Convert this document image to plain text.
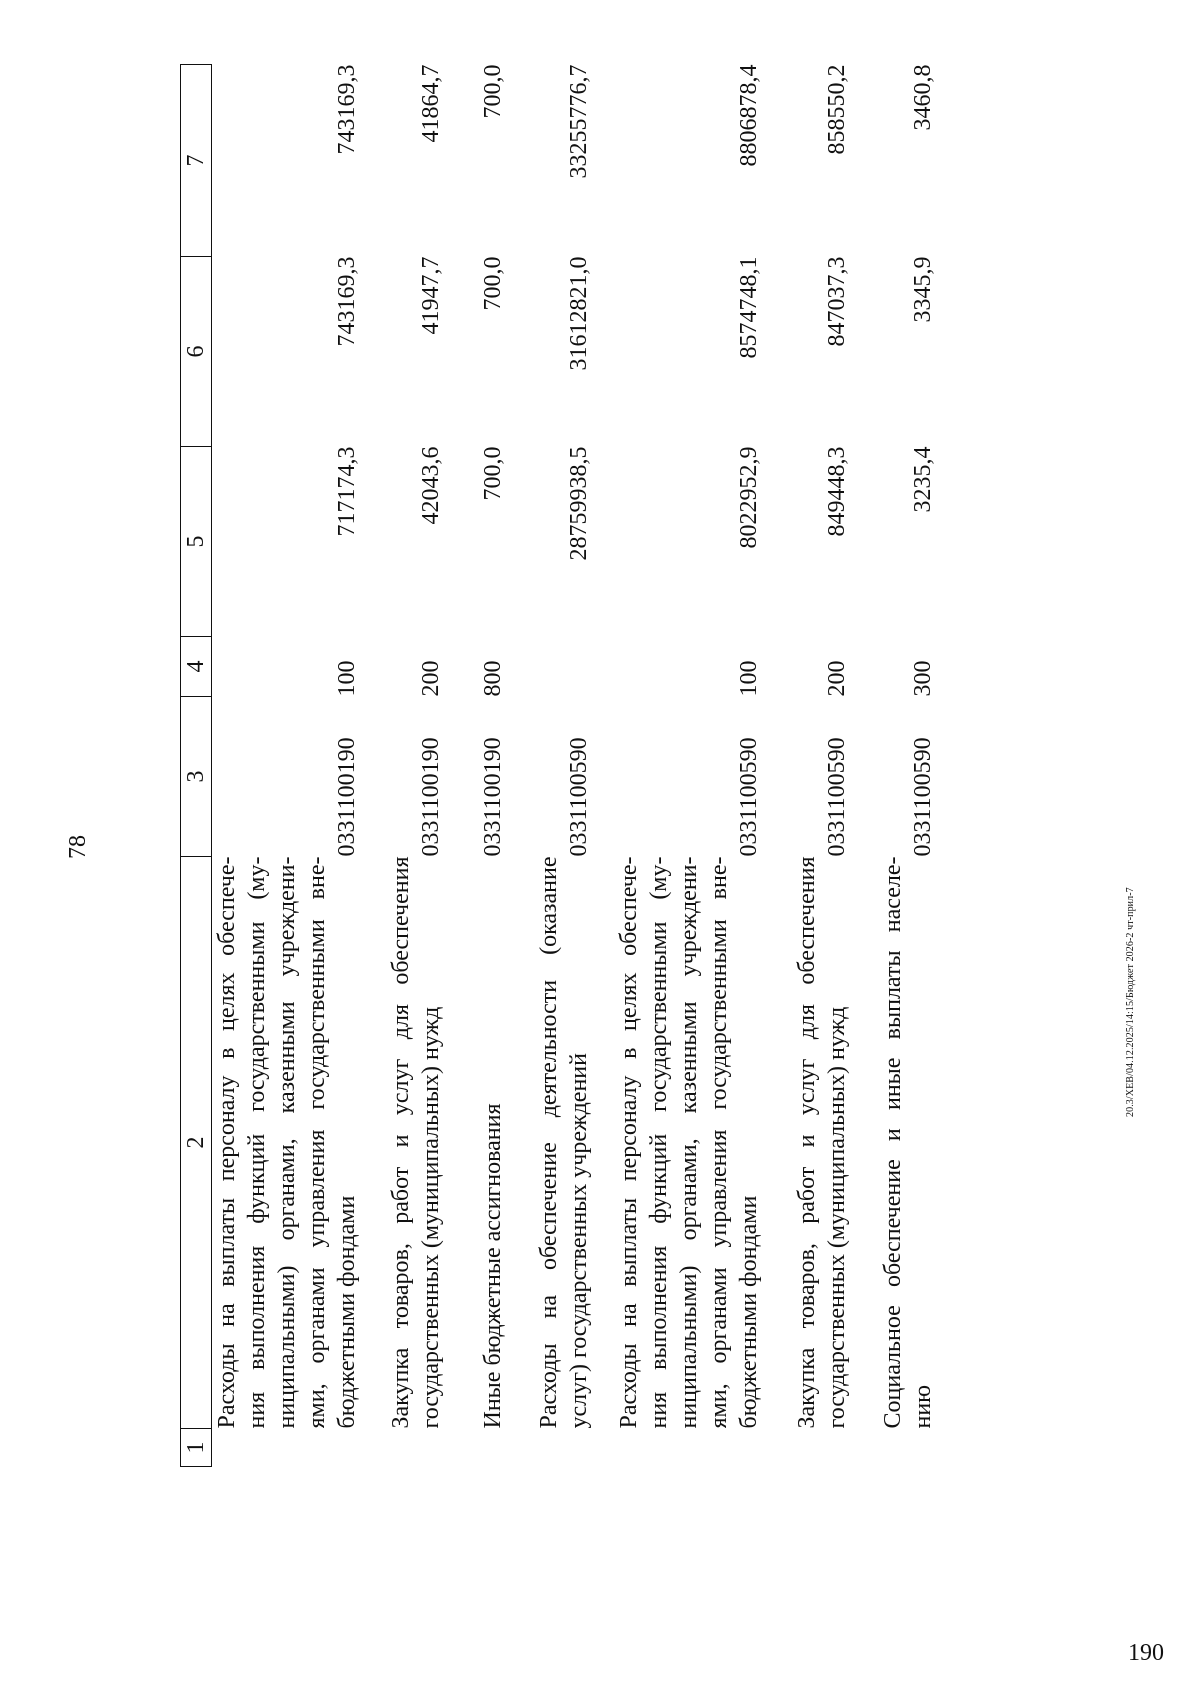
78
1	2	3	4	5	6	7

	Расходы на выплаты персоналу в целях обеспече- ния выполнения функций государственными (му- ниципальными) органами, казенными учреждени- ями, органами управления государственными вне- бюджетными фондами	0331100190	100	717174,3	743169,3	743169,3

	Закупка товаров, работ и услуг для обеспечения государственных (муниципальных) нужд	0331100190	200	42043,6	41947,7	41864,7

	Иные бюджетные ассигнования	0331100190	800	700,0	700,0	700,0

	Расходы на обеспечение деятельности (оказание услуг) государственных учреждений	0331100590		28759938,5	31612821,0	33255776,7

	Расходы на выплаты персоналу в целях обеспече- ния выполнения функций государственными (му- ниципальными) органами, казенными учреждени- ями, органами управления государственными вне- бюджетными фондами	0331100590	100	8022952,9	8574748,1	8806878,4

	Закупка товаров, работ и услуг для обеспечения государственных (муниципальных) нужд	0331100590	200	849448,3	847037,3	858550,2

	Социальное обеспечение и иные выплаты населе- нию	0331100590	300	3235,4	3345,9	3460,8
20.3/ХЕВ/04.12.2025/14:15/Бюджет 2026-2 чт-прил-7
190
